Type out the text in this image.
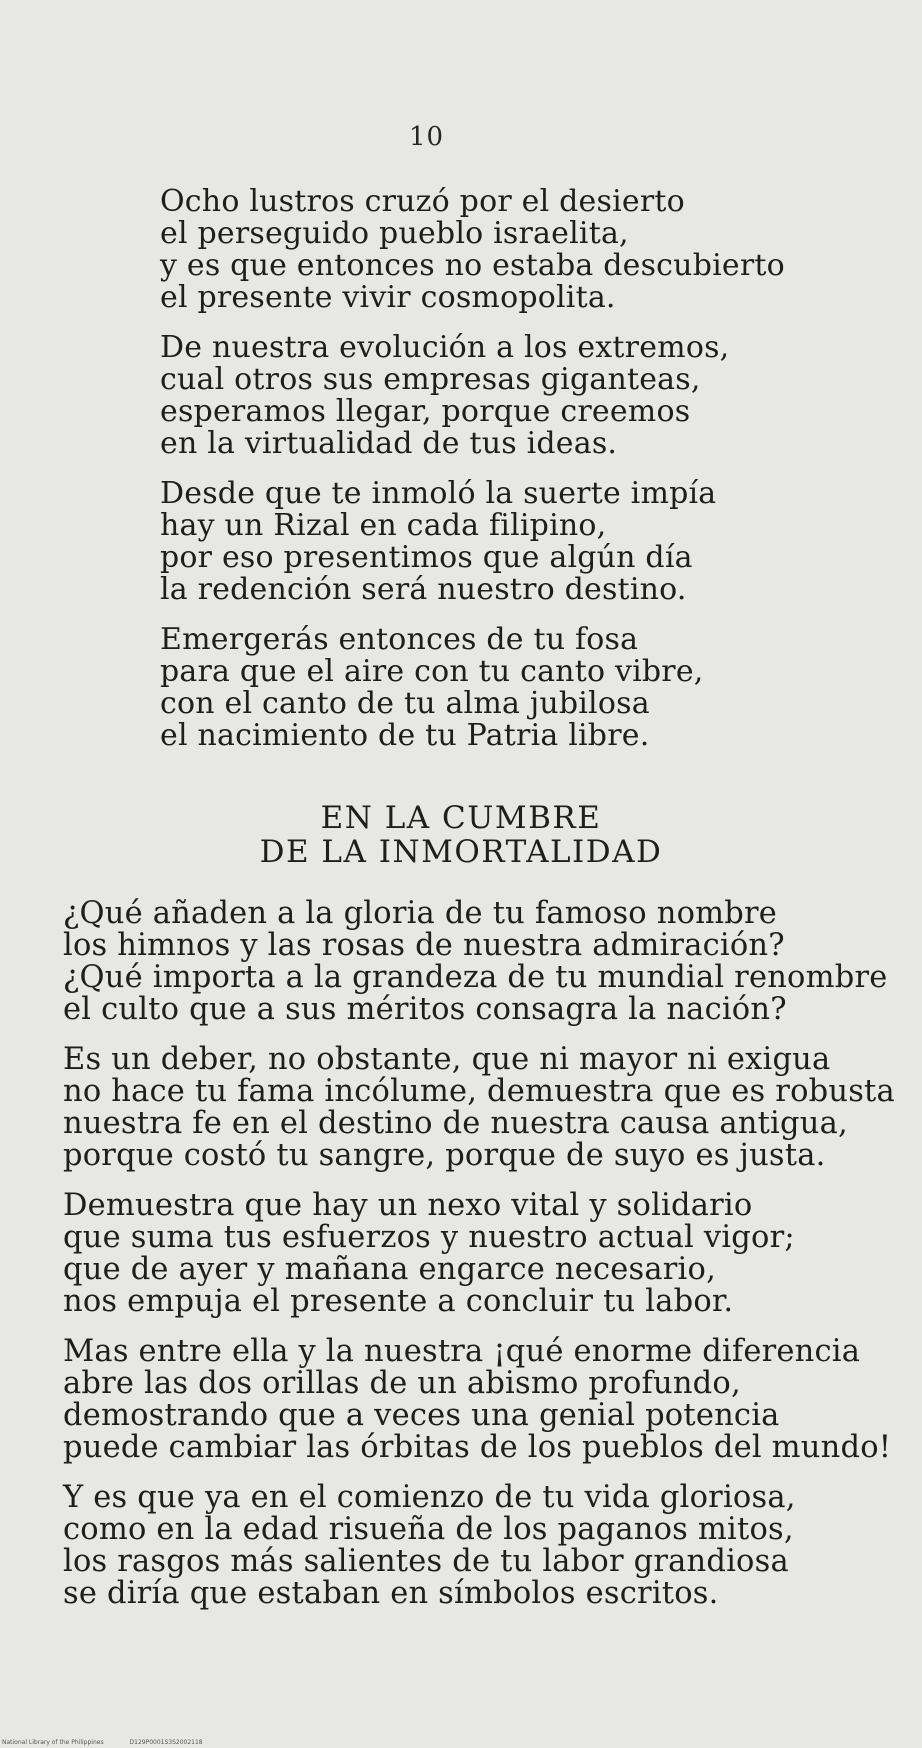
10
Ocho lustros cruzó por el desierto
el perseguido pueblo israelita,
y es que entonces no estaba descubierto
el presente vivir cosmopolita.
De nuestra evolución a los extremos,
cual otros sus empresas giganteas,
esperamos llegar, porque creemos
en la virtualidad de tus ideas.
Desde que te inmoló la suerte impía
hay un Rizal en cada filipino,
por eso presentimos que algún día
la redención será nuestro destino.
Emergerás entonces de tu fosa
para que el aire con tu canto vibre,
con el canto de tu alma jubilosa
el nacimiento de tu Patria libre.
EN LA CUMBRE
DE LA INMORTALIDAD
¿Qué añaden a la gloria de tu famoso nombre
los himnos y las rosas de nuestra admiración?
¿Qué importa a la grandeza de tu mundial renombre
el culto que a sus méritos consagra la nación?
Es un deber, no obstante, que ni mayor ni exigua
no hace tu fama incólume, demuestra que es robusta
nuestra fe en el destino de nuestra causa antigua,
porque costó tu sangre, porque de suyo es justa.
Demuestra que hay un nexo vital y solidario
que suma tus esfuerzos y nuestro actual vigor;
que de ayer y mañana engarce necesario,
nos empuja el presente a concluir tu labor.
Mas entre ella y la nuestra ¡qué enorme diferencia
abre las dos orillas de un abismo profundo,
demostrando que a veces una genial potencia
puede cambiar las órbitas de los pueblos del mundo!
Y es que ya en el comienzo de tu vida gloriosa,
como en la edad risueña de los paganos mitos,
los rasgos más salientes de tu labor grandiosa
se diría que estaban en símbolos escritos.
National Library of the Philippines	D129P0001S3S2002118
